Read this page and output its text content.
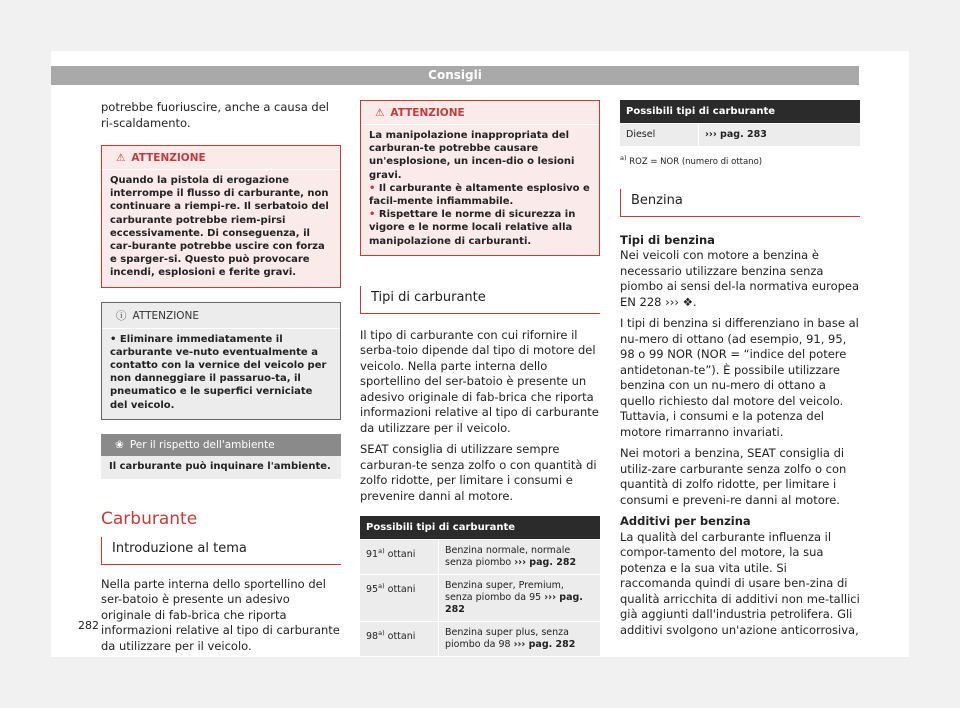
Consigli

potrebbe fuoriuscire, anche a causa del ri-scaldamento.

⚠ ATTENZIONE
Quando la pistola di erogazione interrompe il flusso di carburante, non continuare a riempi-re. Il serbatoio del carburante potrebbe riem-pirsi eccessivamente. Di conseguenza, il car-burante potrebbe uscire con forza e sparger-si. Questo può provocare incendi, esplosioni e ferite gravi.
ⓘ ATTENZIONE
• Eliminare immediatamente il carburante ve-nuto eventualmente a contatto con la vernice del veicolo per non danneggiare il passaruo-ta, il pneumatico e le superfici verniciate del veicolo.
❀ Per il rispetto dell'ambiente
Il carburante può inquinare l'ambiente.
Carburante
Introduzione al tema

Nella parte interna dello sportellino del ser-batoio è presente un adesivo originale di fab-brica che riporta informazioni relative al tipo di carburante da utilizzare per il veicolo.

⚠ ATTENZIONE
La manipolazione inappropriata del carburan-te potrebbe causare un'esplosione, un incen-dio o lesioni gravi.
• Il carburante è altamente esplosivo e facil-mente infiammabile.
• Rispettare le norme di sicurezza in vigore e le norme locali relative alla manipolazione di carburanti.
Tipi di carburante

Il tipo di carburante con cui rifornire il serba-toio dipende dal tipo di motore del veicolo. Nella parte interna dello sportellino del ser-batoio è presente un adesivo originale di fab-brica che riporta informazioni relative al tipo di carburante da utilizzare per il veicolo.

SEAT consiglia di utilizzare sempre carburan-te senza zolfo o con quantità di zolfo ridotte, per limitare i consumi e prevenire danni al motore.

Possibili tipi di carburante	
91$^{a)}$ ottani	Benzina normale, normale senza piombo ››› pag. 282
95$^{a)}$ ottani	Benzina super, Premium, senza piombo da 95 ››› pag. 282
98$^{a)}$ ottani	Benzina super plus, senza piombo da 98 ››› pag. 282
Possibili tipi di carburante
Diesel	››› pag. 283
$^{a)}$ ROZ = NOR (numero di ottano)
Benzina

Tipi di benzina

Nei veicoli con motore a benzina è necessario utilizzare benzina senza piombo ai sensi del-la normativa europea EN 228 ››› ❖.

I tipi di benzina si differenziano in base al nu-mero di ottano (ad esempio, 91, 95, 98 o 99 NOR (NOR = “indice del potere antidetonan-te”). È possibile utilizzare benzina con un nu-mero di ottano a quello richiesto dal motore del veicolo. Tuttavia, i consumi e la potenza del motore rimarranno invariati.

Nei motori a benzina, SEAT consiglia di utiliz-zare carburante senza zolfo o con quantità di zolfo ridotte, per limitare i consumi e preveni-re danni al motore.

Additivi per benzina

La qualità del carburante influenza il compor-tamento del motore, la sua potenza e la sua vita utile. Si raccomanda quindi di usare ben-zina di qualità arricchita di additivi non me-tallici già aggiunti dall'industria petrolifera. Gli additivi svolgono un'azione anticorrosiva,

282
